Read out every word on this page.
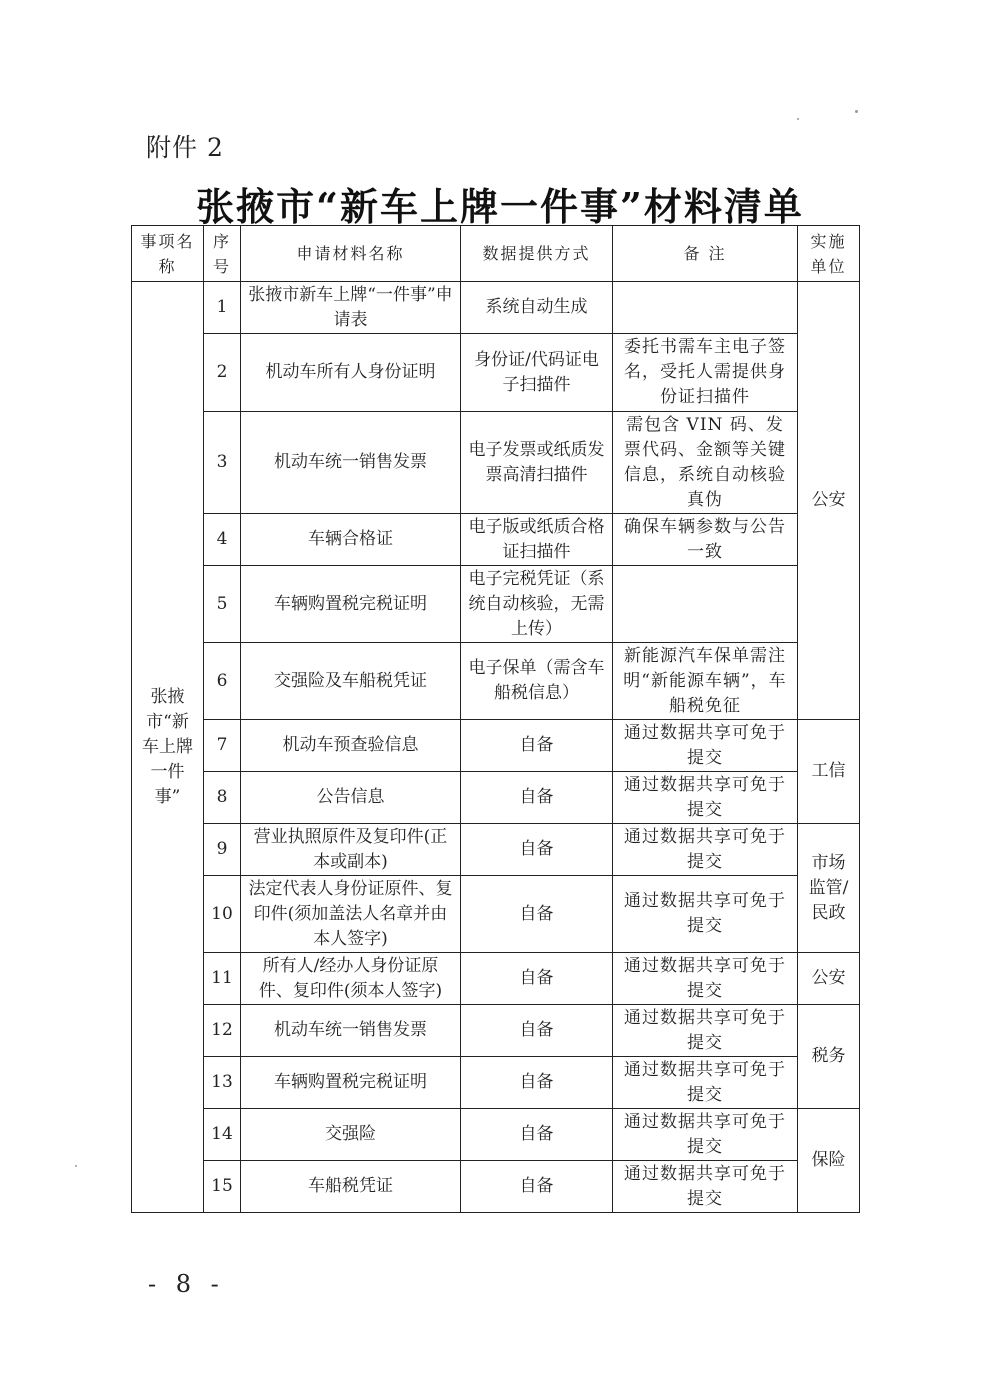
附件 2
张掖市“新车上牌一件事”材料清单
事项名称	序号	申请材料名称	数据提供方式	备 注	实施单位
张掖市“新车上牌一件事”	1	张掖市新车上牌“一件事”申请表	系统自动生成		公安
	2	机动车所有人身份证明	身份证/代码证电子扫描件	委托书需车主电子签名，受托人需提供身份证扫描件	
	3	机动车统一销售发票	电子发票或纸质发票高清扫描件	需包含 VIN 码、发票代码、金额等关键信息，系统自动核验真伪	
	4	车辆合格证	电子版或纸质合格证扫描件	确保车辆参数与公告一致	
	5	车辆购置税完税证明	电子完税凭证（系统自动核验，无需上传）		
	6	交强险及车船税凭证	电子保单（需含车船税信息）	新能源汽车保单需注明“新能源车辆”，车船税免征	
	7	机动车预查验信息	自备	通过数据共享可免于提交	工信
	8	公告信息	自备	通过数据共享可免于提交	
	9	营业执照原件及复印件(正本或副本)	自备	通过数据共享可免于提交	市场监管/民政
	10	法定代表人身份证原件、复印件(须加盖法人名章并由本人签字)	自备	通过数据共享可免于提交	
	11	所有人/经办人身份证原件、复印件(须本人签字)	自备	通过数据共享可免于提交	公安
	12	机动车统一销售发票	自备	通过数据共享可免于提交	税务
	13	车辆购置税完税证明	自备	通过数据共享可免于提交	
	14	交强险	自备	通过数据共享可免于提交	保险
	15	车船税凭证	自备	通过数据共享可免于提交	
- 8 -
